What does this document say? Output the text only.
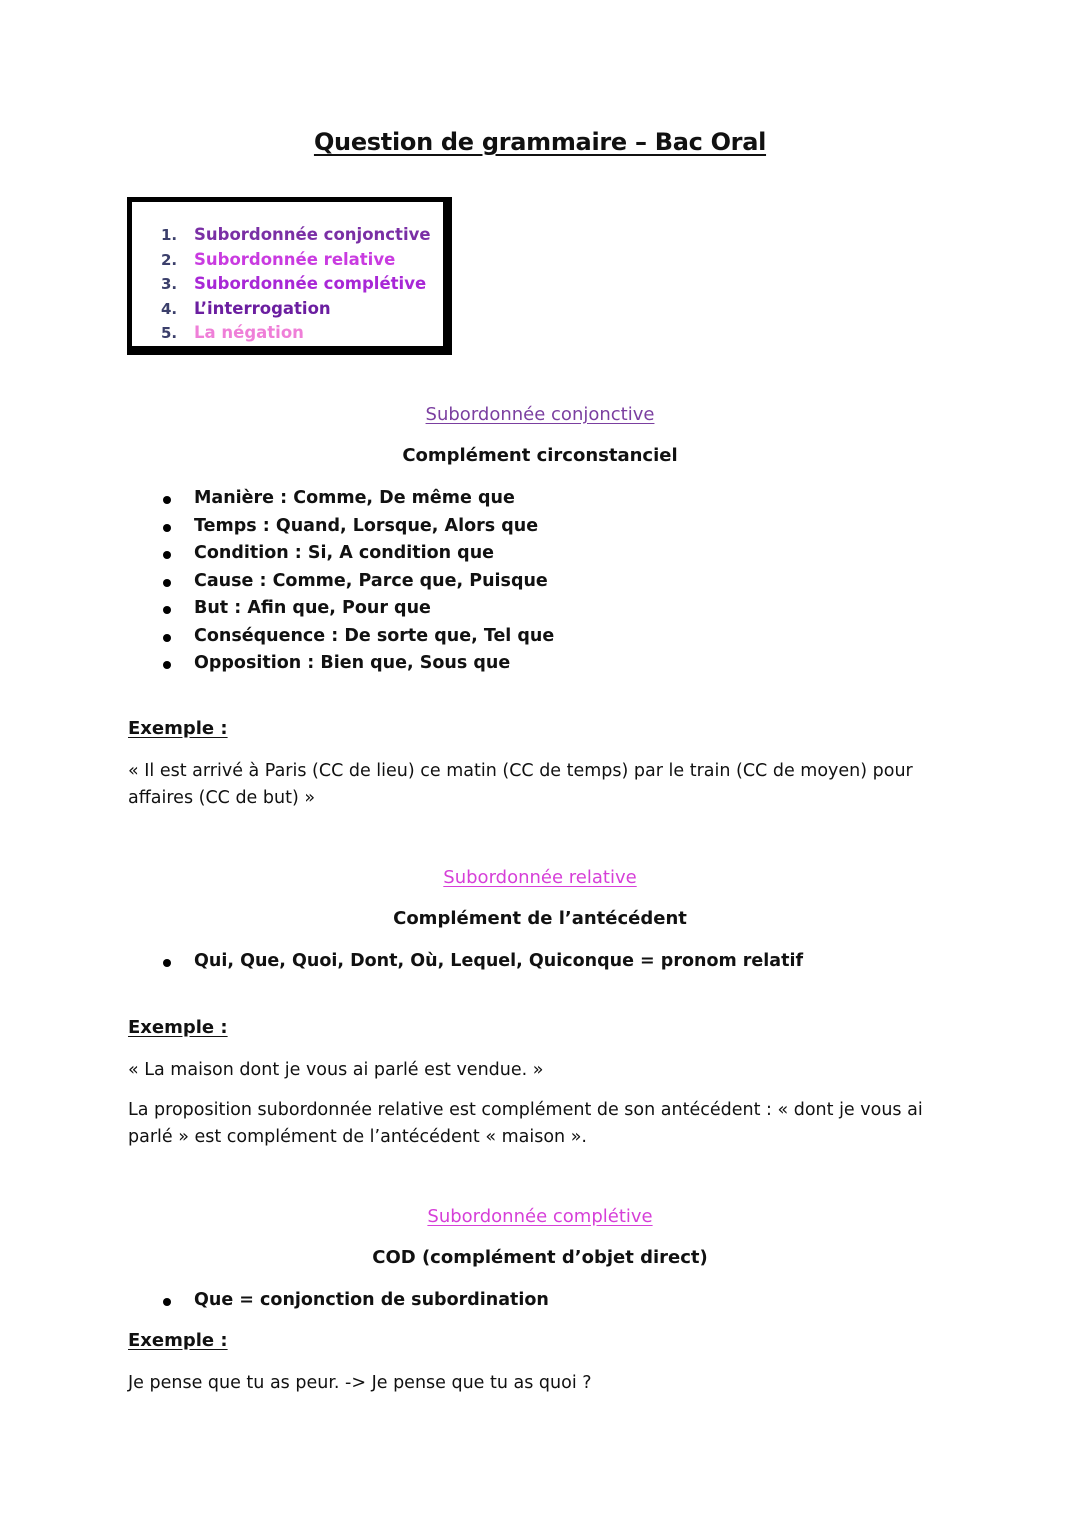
Question de grammaire – Bac Oral
1. Subordonnée conjonctive
2. Subordonnée relative
3. Subordonnée complétive
4. L’interrogation
5. La négation
Subordonnée conjonctive
Complément circonstanciel
Manière : Comme, De même que
Temps : Quand, Lorsque, Alors que
Condition : Si, A condition que
Cause : Comme, Parce que, Puisque
But : Afin que, Pour que
Conséquence : De sorte que, Tel que
Opposition : Bien que, Sous que
Exemple :
« Il est arrivé à Paris (CC de lieu) ce matin (CC de temps) par le train (CC de moyen) pour affaires (CC de but) »
Subordonnée relative
Complément de l’antécédent
Qui, Que, Quoi, Dont, Où, Lequel, Quiconque = pronom relatif
Exemple :
« La maison dont je vous ai parlé est vendue. »
La proposition subordonnée relative est complément de son antécédent : « dont je vous ai parlé » est complément de l’antécédent « maison ».
Subordonnée complétive
COD (complément d’objet direct)
Que = conjonction de subordination
Exemple :
Je pense que tu as peur. -> Je pense que tu as quoi ?
